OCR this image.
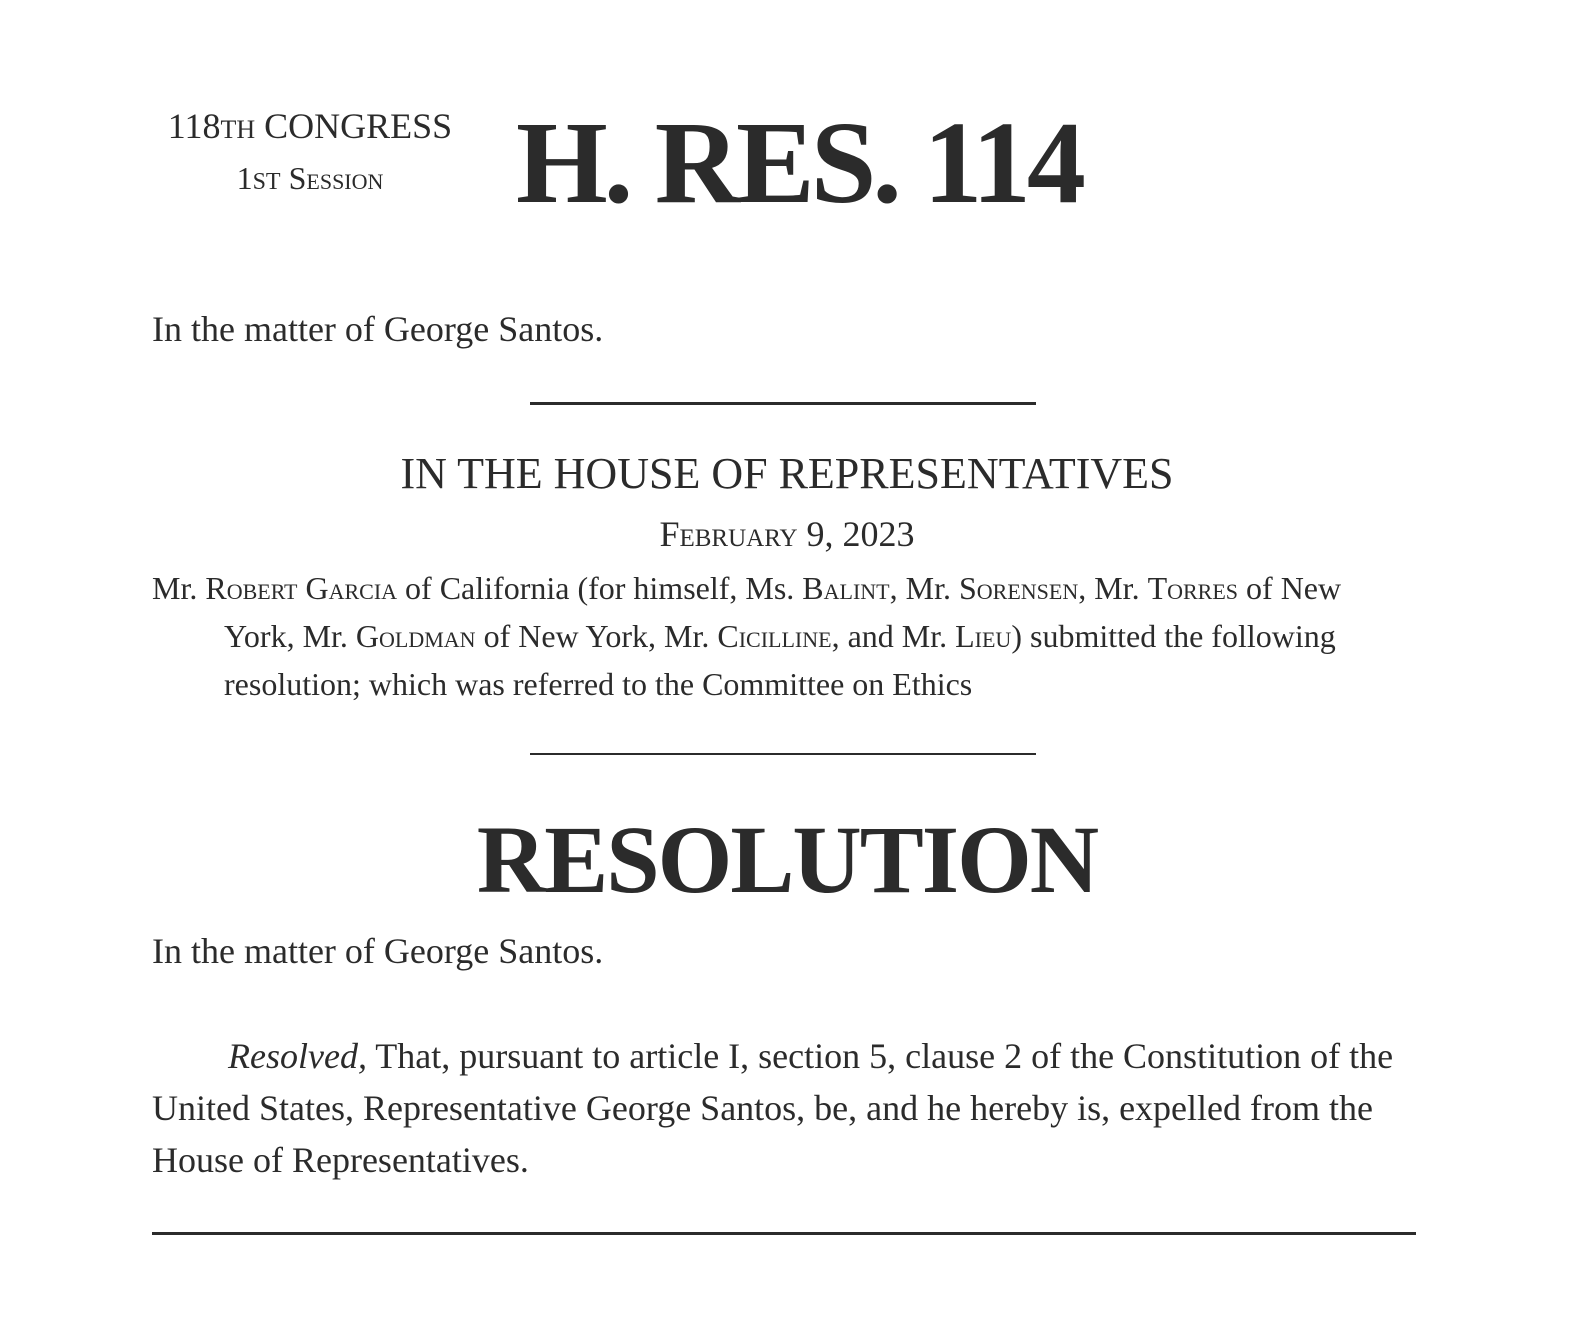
118TH CONGRESS
1ST Session	H. RES. 114
In the matter of George Santos.
IN THE HOUSE OF REPRESENTATIVES
February 9, 2023
Mr. Robert Garcia of California (for himself, Ms. Balint, Mr. Sorensen, Mr. Torres of New York, Mr. Goldman of New York, Mr. Cicilline, and Mr. Lieu) submitted the following resolution; which was referred to the Committee on Ethics
RESOLUTION
In the matter of George Santos.
Resolved, That, pursuant to article I, section 5, clause 2 of the Constitution of the United States, Representative George Santos, be, and he hereby is, expelled from the House of Representatives.
